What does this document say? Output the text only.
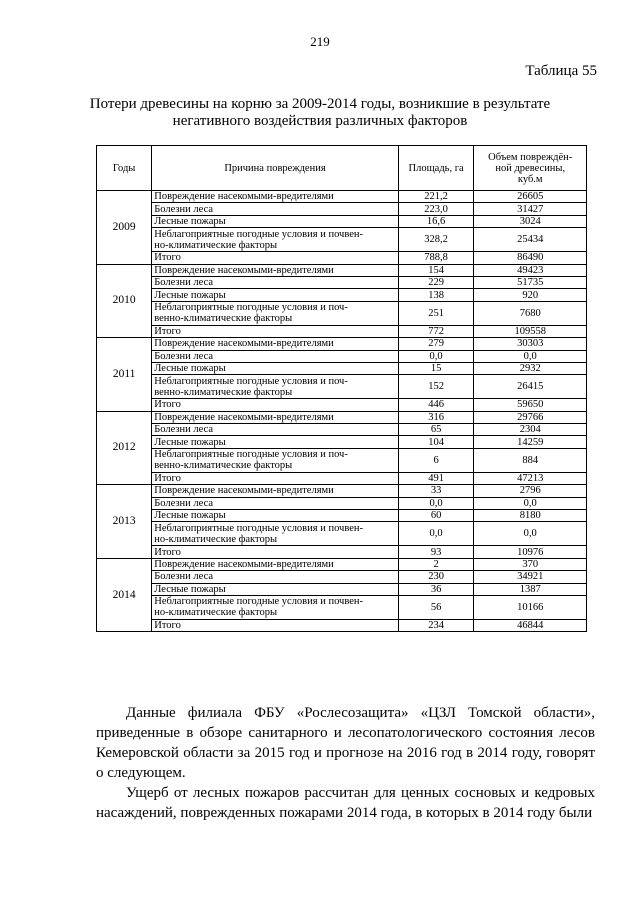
219
Таблица 55
Потери древесины на корню за 2009-2014 годы, возникшие в результате
негативного воздействия различных факторов
Годы	Причина повреждения	Площадь, га	Объем повреждён-
ной древесины,
куб.м

2009	Повреждение насекомыми-вредителями	221,2	26605
	Болезни леса	223,0	31427
	Лесные пожары	16,6	3024

	Неблагоприятные погодные условия и почвен-
но-климатические факторы	328,2	25434
	Итого	788,8	86490
2010	Повреждение насекомыми-вредителями	154	49423
	Болезни леса	229	51735
	Лесные пожары	138	920

	Неблагоприятные погодные условия и поч-
венно-климатические факторы	251	7680
	Итого	772	109558
2011	Повреждение насекомыми-вредителями	279	30303
	Болезни леса	0,0	0,0
	Лесные пожары	15	2932

	Неблагоприятные погодные условия и поч-
венно-климатические факторы	152	26415
	Итого	446	59650
2012	Повреждение насекомыми-вредителями	316	29766
	Болезни леса	65	2304
	Лесные пожары	104	14259

	Неблагоприятные погодные условия и поч-
венно-климатические факторы	6	884
	Итого	491	47213
2013	Повреждение насекомыми-вредителями	33	2796
	Болезни леса	0,0	0,0
	Лесные пожары	60	8180

	Неблагоприятные погодные условия и почвен-
но-климатические факторы	0,0	0,0
	Итого	93	10976
2014	Повреждение насекомыми-вредителями	2	370
	Болезни леса	230	34921
	Лесные пожары	36	1387

	Неблагоприятные погодные условия и почвен-
но-климатические факторы	56	10166
	Итого	234	46844

Данные филиала ФБУ «Рослесозащита» «ЦЗЛ Томской области», приведенные в обзоре санитарного и лесопатологического состояния лесов Кемеровской области за 2015 год и прогнозе на 2016 год в 2014 году, говорят о следующем.

Ущерб от лесных пожаров рассчитан для ценных сосновых и кедровых насаждений, поврежденных пожарами 2014 года, в которых в 2014 году были
